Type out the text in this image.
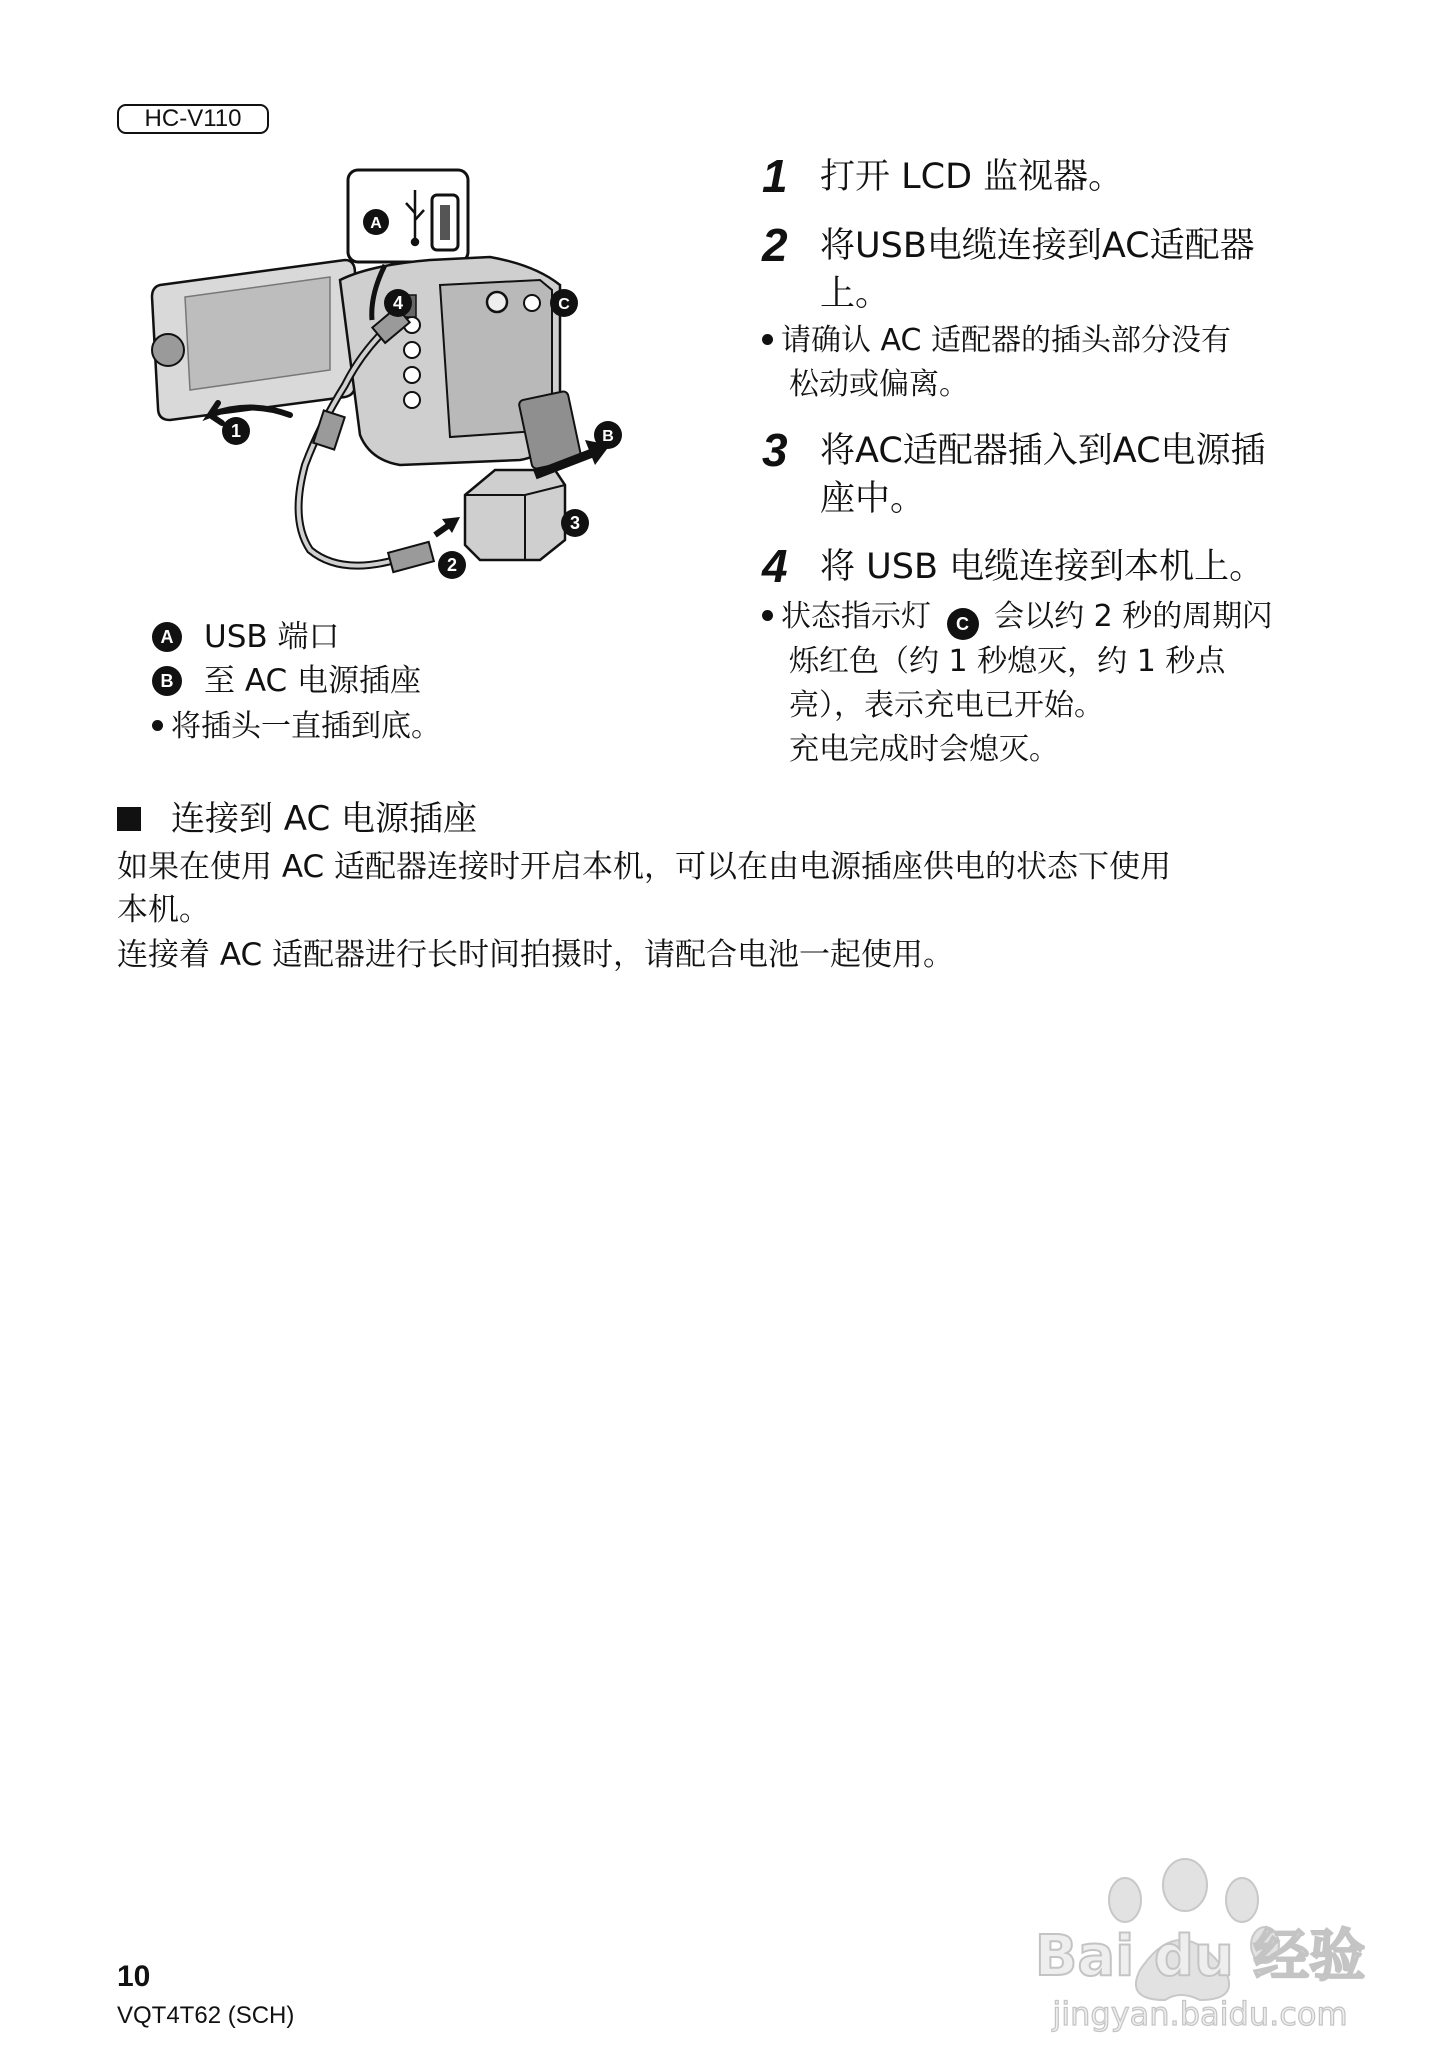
HC-V110
A
C
1
2
3
4
B
A USB 端口
B 至 AC 电源插座
将插头一直插到底。
1 打开 LCD 监视器。
2 将USB电缆连接到AC适配器
上。
请确认 AC 适配器的插头部分没有
松动或偏离。
3 将AC适配器插入到AC电源插
座中。
4 将 USB 电缆连接到本机上。
状态指示灯 C 会以约 2 秒的周期闪
烁红色（约 1 秒熄灭，约 1 秒点
亮），表示充电已开始。
充电完成时会熄灭。
连接到 AC 电源插座
如果在使用 AC 适配器连接时开启本机，可以在由电源插座供电的状态下使用
本机。
连接着 AC 适配器进行长时间拍摄时，请配合电池一起使用。
10
VQT4T62 (SCH)
Bai du 经验
jingyan.baidu.com
